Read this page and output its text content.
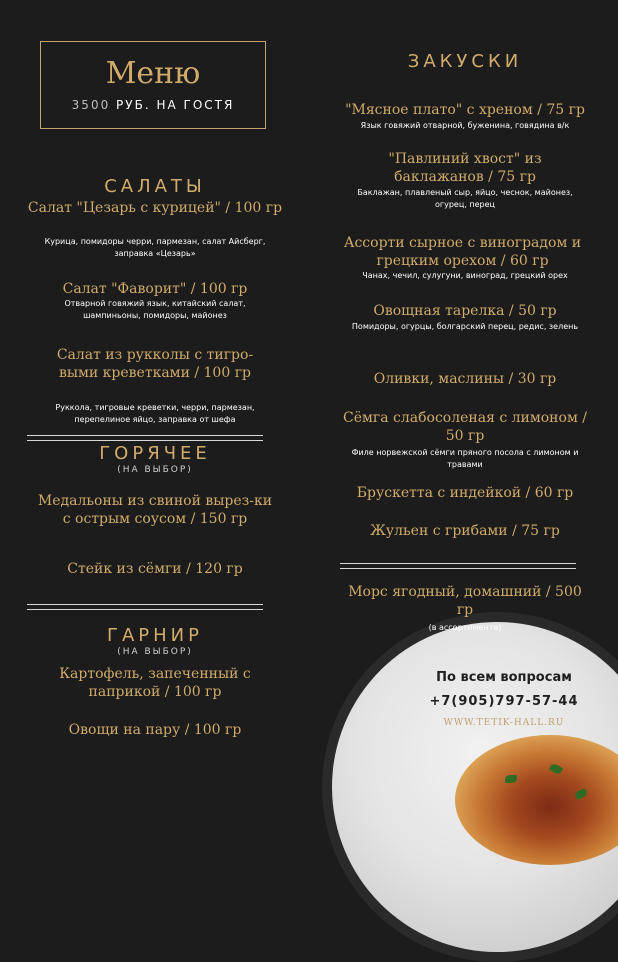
Меню
3500 РУБ. НА ГОСТЯ
САЛАТЫ
Салат "Цезарь с курицей" / 100 гр
Курица, помидоры черри, пармезан, салат Айсберг, заправка «Цезарь»
Салат "Фаворит" / 100 гр
Отварной говяжий язык, китайский салат, шампиньоны, помидоры, майонез
Салат из рукколы с тигро-выми креветками / 100 гр
Руккола, тигровые креветки, черри, пармезан, перепелиное яйцо, заправка от шефа
ГОРЯЧЕЕ
(НА ВЫБОР)
Медальоны из свиной вырез-ки с острым соусом / 150 гр
Стейк из сёмги / 120 гр
ГАРНИР
(НА ВЫБОР)
Картофель, запеченный с паприкой / 100 гр
Овощи на пару / 100 гр
ЗАКУСКИ
"Мясное плато" с хреном / 75 гр
Язык говяжий отварной, буженина, говядина в/к
"Павлиний хвост" из баклажанов / 75 гр
Баклажан, плавленый сыр, яйцо, чеснок, майонез, огурец, перец
Ассорти сырное с виноградом и грецким орехом / 60 гр
Чанах, чечил, сулугуни, виноград, грецкий орех
Овощная тарелка / 50 гр
Помидоры, огурцы, болгарский перец, редис, зелень
Оливки, маслины / 30 гр
Сёмга слабосоленая с лимоном / 50 гр
Филе норвежской сёмги пряного посола с лимоном и травами
Брускетта с индейкой / 60 гр
Жульен с грибами / 75 гр
Морс ягодный, домашний / 500 гр
(в ассортименте)
По всем вопросам
+7(905)797-57-44
WWW.TETIK-HALL.RU
